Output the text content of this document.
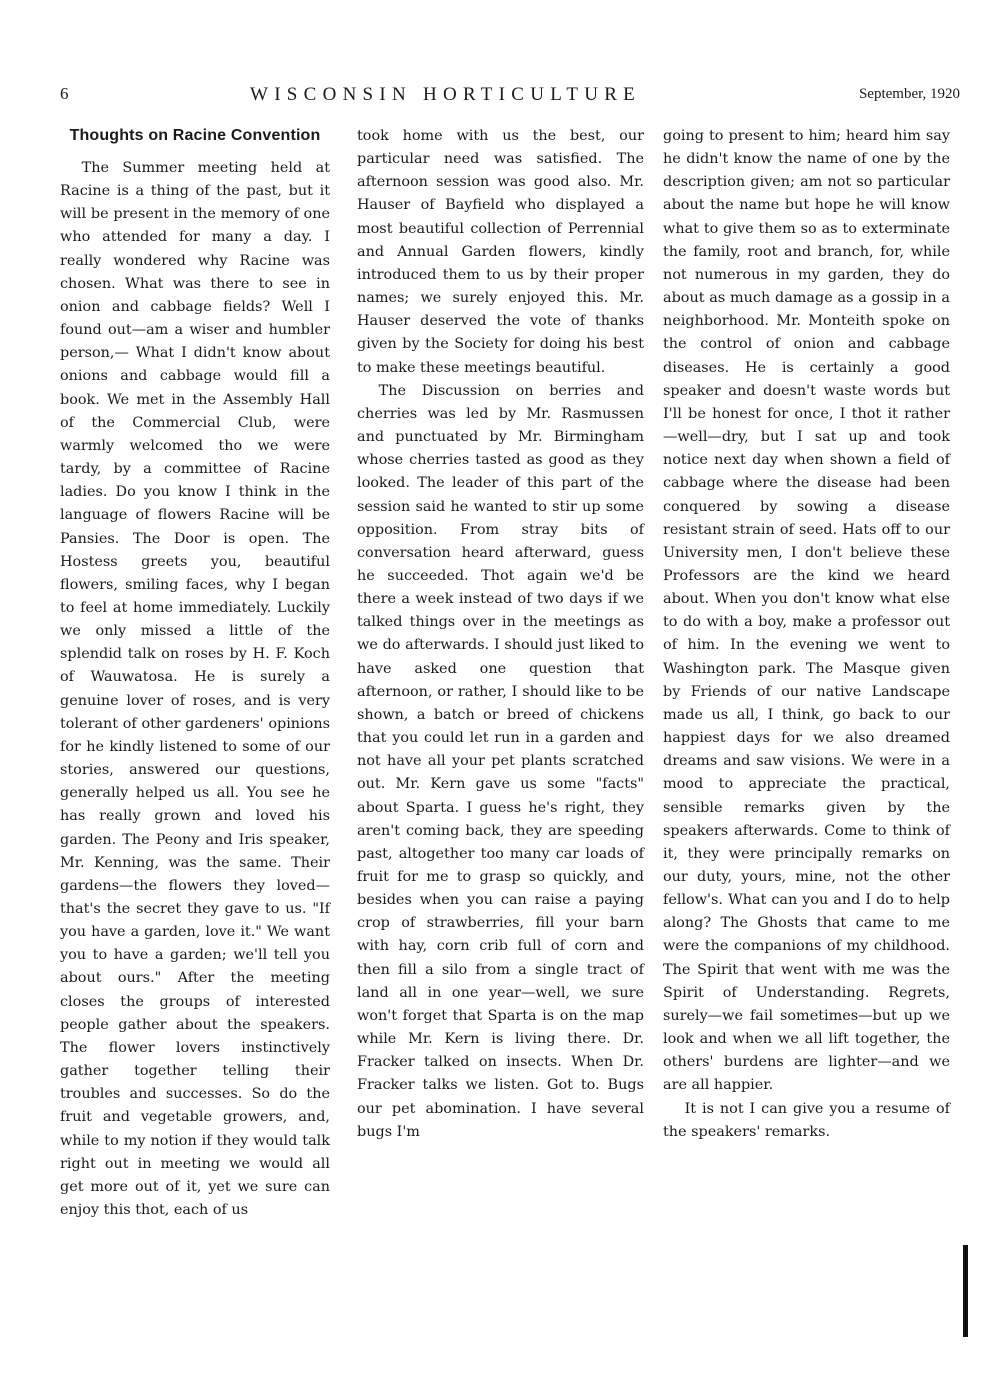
6	WISCONSIN HORTICULTURE	September, 1920
Thoughts on Racine Convention

The Summer meeting held at Racine is a thing of the past, but it will be present in the memory of one who attended for many a day. I really wondered why Racine was chosen. What was there to see in onion and cabbage fields? Well I found out—am a wiser and humbler person,— What I didn't know about onions and cabbage would fill a book. We met in the Assembly Hall of the Commercial Club, were warmly welcomed tho we were tardy, by a committee of Racine ladies. Do you know I think in the language of flowers Racine will be Pansies. The Door is open. The Hostess greets you, beautiful flowers, smiling faces, why I began to feel at home immediately. Luckily we only missed a little of the splendid talk on roses by H. F. Koch of Wauwatosa. He is surely a genuine lover of roses, and is very tolerant of other gardeners' opinions for he kindly listened to some of our stories, answered our questions, generally helped us all. You see he has really grown and loved his garden. The Peony and Iris speaker, Mr. Kenning, was the same. Their gardens—the flowers they loved—that's the secret they gave to us. "If you have a garden, love it." We want you to have a garden; we'll tell you about ours." After the meeting closes the groups of interested people gather about the speakers. The flower lovers instinctively gather together telling their troubles and successes. So do the fruit and vegetable growers, and, while to my notion if they would talk right out in meeting we would all get more out of it, yet we sure can enjoy this thot, each of us

took home with us the best, our particular need was satisfied. The afternoon session was good also. Mr. Hauser of Bayfield who displayed a most beautiful collection of Perrennial and Annual Garden flowers, kindly introduced them to us by their proper names; we surely enjoyed this. Mr. Hauser deserved the vote of thanks given by the Society for doing his best to make these meetings beautiful.

The Discussion on berries and cherries was led by Mr. Rasmussen and punctuated by Mr. Birmingham whose cherries tasted as good as they looked. The leader of this part of the session said he wanted to stir up some opposition. From stray bits of conversation heard afterward, guess he succeeded. Thot again we'd be there a week instead of two days if we talked things over in the meetings as we do afterwards. I should just liked to have asked one question that afternoon, or rather, I should like to be shown, a batch or breed of chickens that you could let run in a garden and not have all your pet plants scratched out. Mr. Kern gave us some "facts" about Sparta. I guess he's right, they aren't coming back, they are speeding past, altogether too many car loads of fruit for me to grasp so quickly, and besides when you can raise a paying crop of strawberries, fill your barn with hay, corn crib full of corn and then fill a silo from a single tract of land all in one year—well, we sure won't forget that Sparta is on the map while Mr. Kern is living there. Dr. Fracker talked on insects. When Dr. Fracker talks we listen. Got to. Bugs our pet abomination. I have several bugs I'm

going to present to him; heard him say he didn't know the name of one by the description given; am not so particular about the name but hope he will know what to give them so as to exterminate the family, root and branch, for, while not numerous in my garden, they do about as much damage as a gossip in a neighborhood. Mr. Monteith spoke on the control of onion and cabbage diseases. He is certainly a good speaker and doesn't waste words but I'll be honest for once, I thot it rather—well—dry, but I sat up and took notice next day when shown a field of cabbage where the disease had been conquered by sowing a disease resistant strain of seed. Hats off to our University men, I don't believe these Professors are the kind we heard about. When you don't know what else to do with a boy, make a professor out of him. In the evening we went to Washington park. The Masque given by Friends of our native Landscape made us all, I think, go back to our happiest days for we also dreamed dreams and saw visions. We were in a mood to appreciate the practical, sensible remarks given by the speakers afterwards. Come to think of it, they were principally remarks on our duty, yours, mine, not the other fellow's. What can you and I do to help along? The Ghosts that came to me were the companions of my childhood. The Spirit that went with me was the Spirit of Understanding. Regrets, surely—we fail sometimes—but up we look and when we all lift together, the others' burdens are lighter—and we are all happier.

It is not I can give you a resume of the speakers' remarks.
